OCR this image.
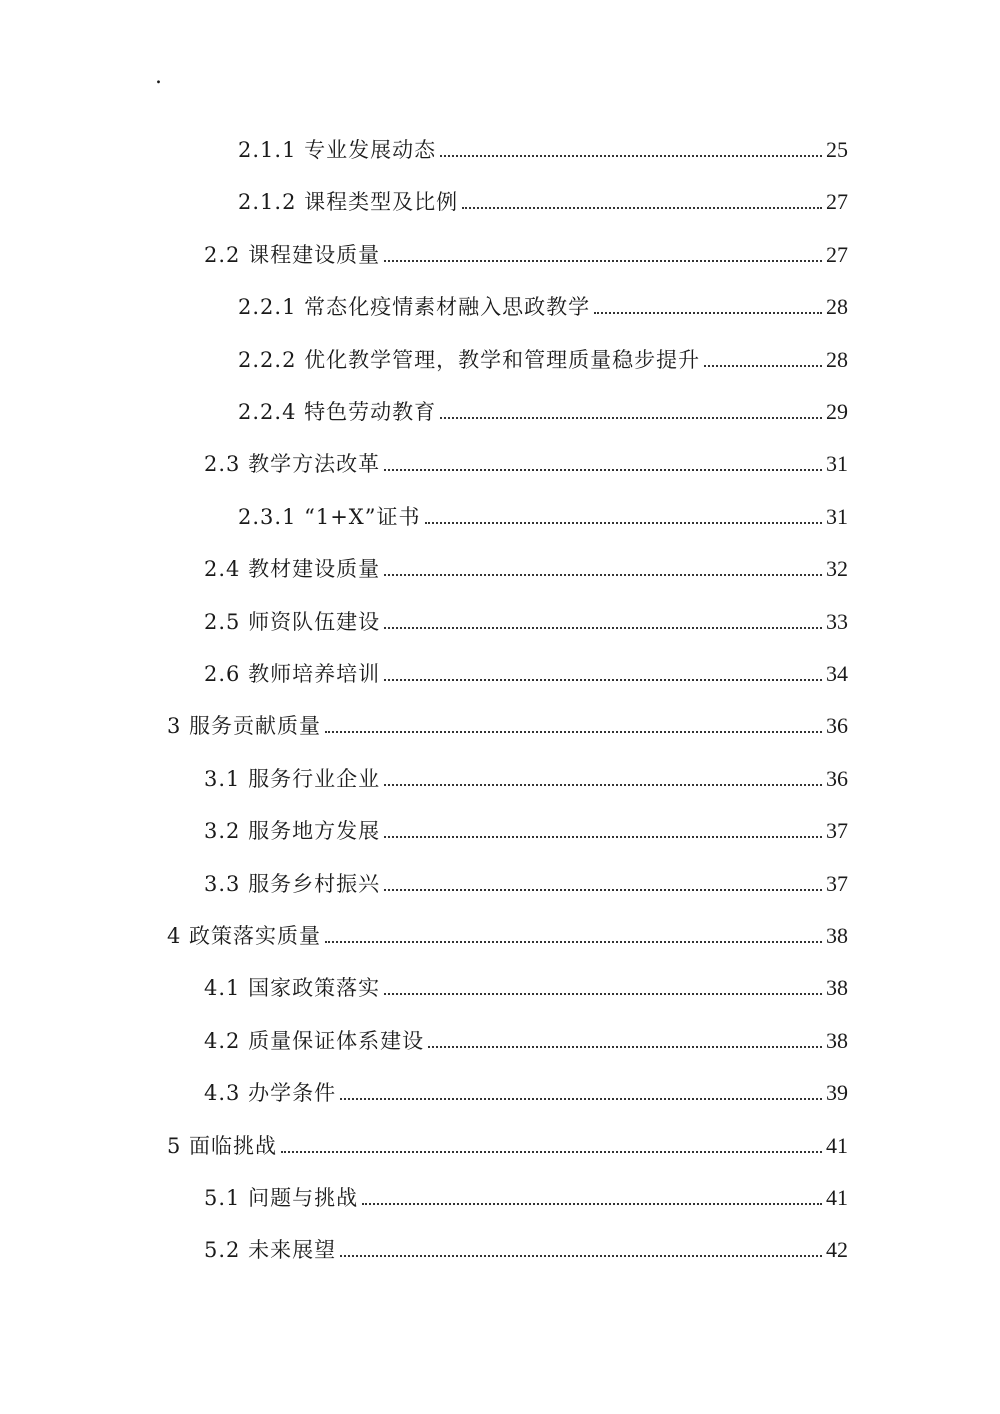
.
2.1.1 专业发展动态	25
2.1.2 课程类型及比例	27
2.2 课程建设质量	27
2.2.1 常态化疫情素材融入思政教学	28
2.2.2 优化教学管理，教学和管理质量稳步提升	28
2.2.4 特色劳动教育	29
2.3 教学方法改革	31
2.3.1 “1+X”证书	31
2.4 教材建设质量	32
2.5 师资队伍建设	33
2.6 教师培养培训	34
3 服务贡献质量	36
3.1 服务行业企业	36
3.2 服务地方发展	37
3.3 服务乡村振兴	37
4 政策落实质量	38
4.1 国家政策落实	38
4.2 质量保证体系建设	38
4.3 办学条件	39
5 面临挑战	41
5.1 问题与挑战	41
5.2 未来展望	42
